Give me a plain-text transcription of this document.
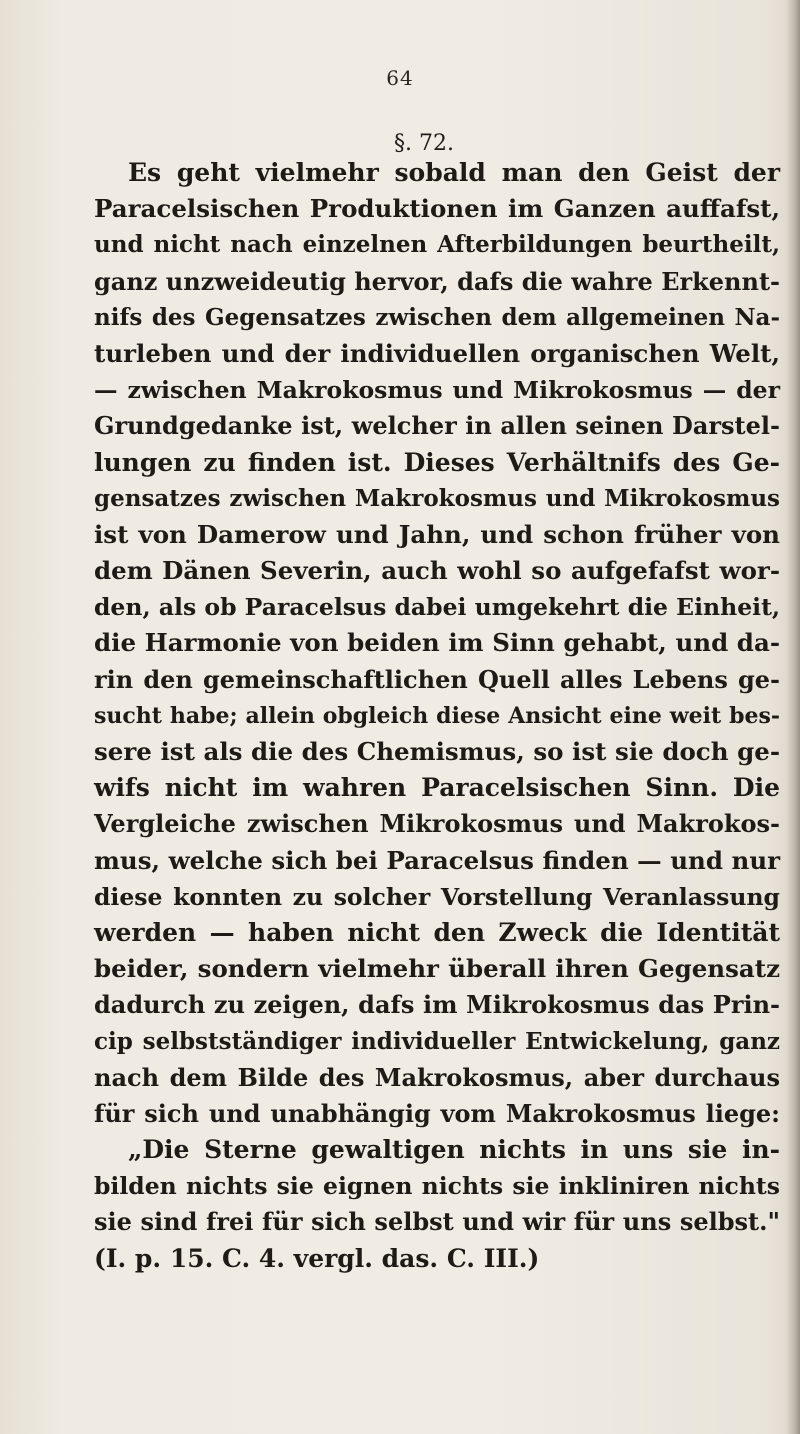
64
§. 72.
Es geht vielmehr sobald man den Geist der
Paracelsischen Produktionen im Ganzen auffafst,
und nicht nach einzelnen Afterbildungen beurtheilt,
ganz unzweideutig hervor, dafs die wahre Erkennt-
nifs des Gegensatzes zwischen dem allgemeinen Na-
turleben und der individuellen organischen Welt,
— zwischen Makrokosmus und Mikrokosmus — der
Grundgedanke ist, welcher in allen seinen Darstel-
lungen zu finden ist. Dieses Verhältnifs des Ge-
gensatzes zwischen Makrokosmus und Mikrokosmus
ist von Damerow und Jahn, und schon früher von
dem Dänen Severin, auch wohl so aufgefafst wor-
den, als ob Paracelsus dabei umgekehrt die Einheit,
die Harmonie von beiden im Sinn gehabt, und da-
rin den gemeinschaftlichen Quell alles Lebens ge-
sucht habe; allein obgleich diese Ansicht eine weit bes-
sere ist als die des Chemismus, so ist sie doch ge-
wifs nicht im wahren Paracelsischen Sinn. Die
Vergleiche zwischen Mikrokosmus und Makrokos-
mus, welche sich bei Paracelsus finden — und nur
diese konnten zu solcher Vorstellung Veranlassung
werden — haben nicht den Zweck die Identität
beider, sondern vielmehr überall ihren Gegensatz
dadurch zu zeigen, dafs im Mikrokosmus das Prin-
cip selbstständiger individueller Entwickelung, ganz
nach dem Bilde des Makrokosmus, aber durchaus
für sich und unabhängig vom Makrokosmus liege:
„Die Sterne gewaltigen nichts in uns sie in-
bilden nichts sie eignen nichts sie inkliniren nichts
sie sind frei für sich selbst und wir für uns selbst."
(I. p. 15. C. 4. vergl. das. C. III.)
